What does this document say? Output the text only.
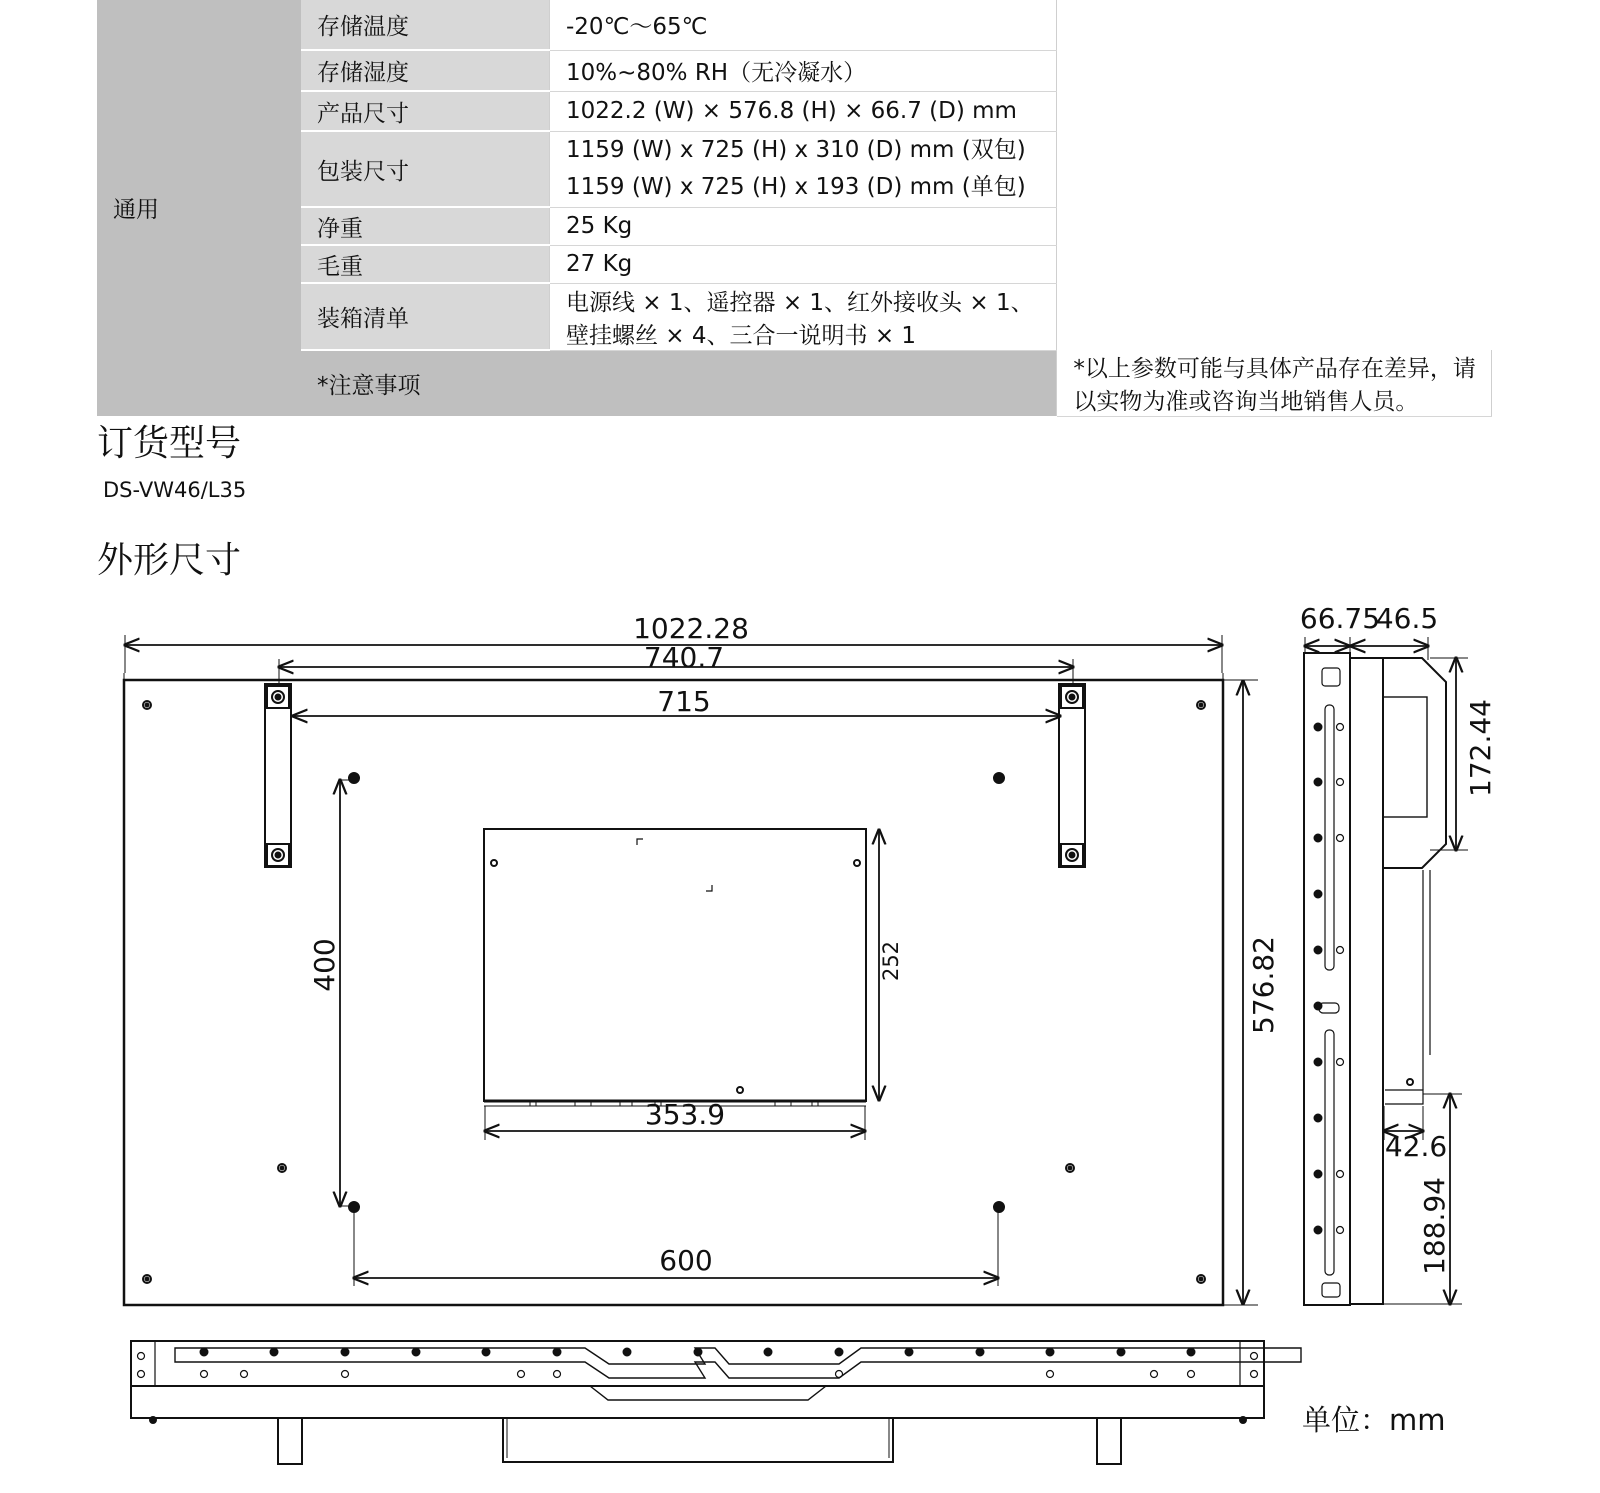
通用	存储温度	-20℃～65℃	
	存储湿度	10%~80% RH（无冷凝水）	
	产品尺寸	1022.2 (W) × 576.8 (H) × 66.7 (D) mm	
	包装尺寸	1159 (W) x 725 (H) x 310 (D) mm (双包)
1159 (W) x 725 (H) x 193 (D) mm (单包)	

	净重	25 Kg	
	毛重	27 Kg	
	装箱清单	电源线 × 1、遥控器 × 1、红外接收头 × 1、壁挂螺丝 × 4、三合一说明书 × 1	
	*注意事项		*以上参数可能与具体产品存在差异，请以实物为准或咨询当地销售人员。
订货型号
DS-VW46/L35
外形尺寸
1022.28
740.7
715
400	252
353.9
600
576.82
66.75
46.5
172.44
42.6
188.94
单位：mm
